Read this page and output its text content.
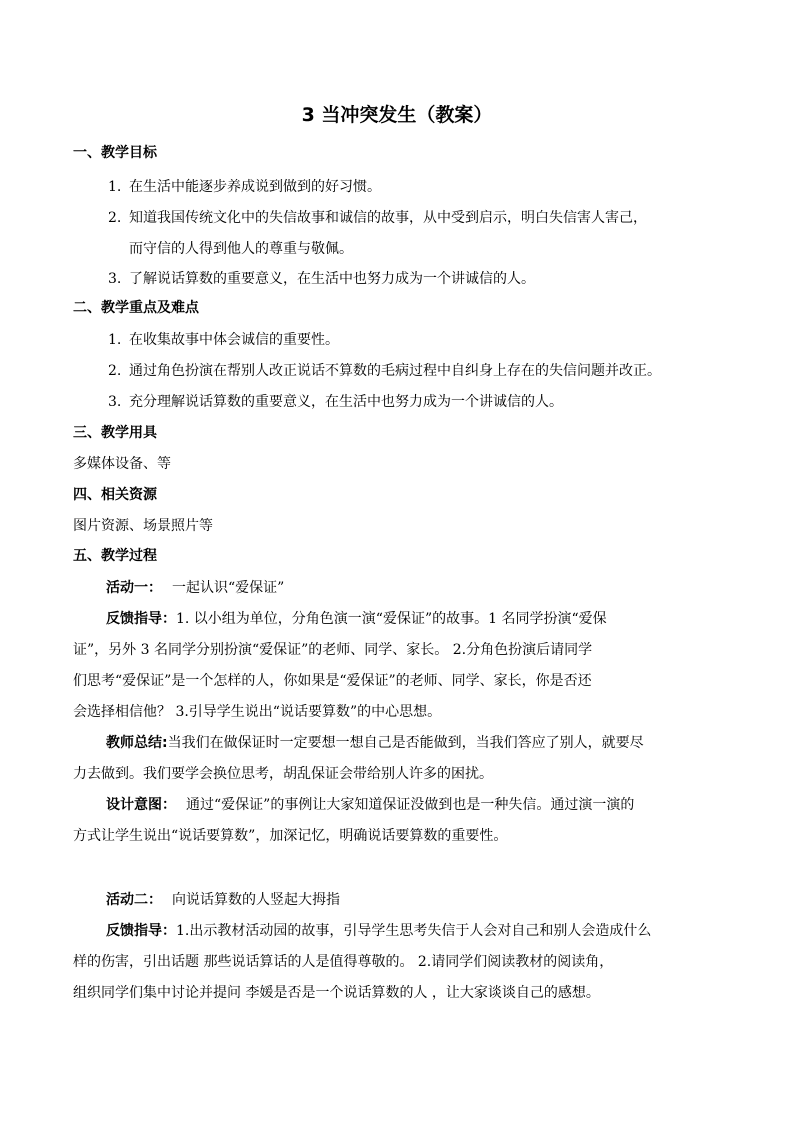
3 当冲突发生（教案）
一、教学目标
1. 在生活中能逐步养成说到做到的好习惯。
2. 知道我国传统文化中的失信故事和诚信的故事，从中受到启示，明白失信害人害己，
而守信的人得到他人的尊重与敬佩。
3. 了解说话算数的重要意义，在生活中也努力成为一个讲诚信的人。
二、教学重点及难点
1. 在收集故事中体会诚信的重要性。
2. 通过角色扮演在帮别人改正说话不算数的毛病过程中自纠身上存在的失信问题并改正。
3. 充分理解说话算数的重要意义，在生活中也努力成为一个讲诚信的人。
三、教学用具
多媒体设备、等
四、相关资源
图片资源、场景照片等
五、教学过程
活动一： 一起认识“爱保证”
反馈指导：1. 以小组为单位，分角色演一演“爱保证”的故事。1 名同学扮演“爱保
证”，另外 3 名同学分别扮演“爱保证”的老师、同学、家长。 2.分角色扮演后请同学
们思考“爱保证”是一个怎样的人，你如果是“爱保证”的老师、同学、家长，你是否还
会选择相信他？ 3.引导学生说出“说话要算数”的中心思想。
教师总结:当我们在做保证时一定要想一想自己是否能做到，当我们答应了别人，就要尽
力去做到。我们要学会换位思考，胡乱保证会带给别人许多的困扰。
设计意图： 通过“爱保证”的事例让大家知道保证没做到也是一种失信。通过演一演的
方式让学生说出“说话要算数”，加深记忆，明确说话要算数的重要性。
活动二： 向说话算数的人竖起大拇指
反馈指导：1.出示教材活动园的故事，引导学生思考失信于人会对自己和别人会造成什么
样的伤害，引出话题 那些说话算话的人是值得尊敬的。 2.请同学们阅读教材的阅读角，
组织同学们集中讨论并提问 李媛是否是一个说话算数的人 ，让大家谈谈自己的感想。
